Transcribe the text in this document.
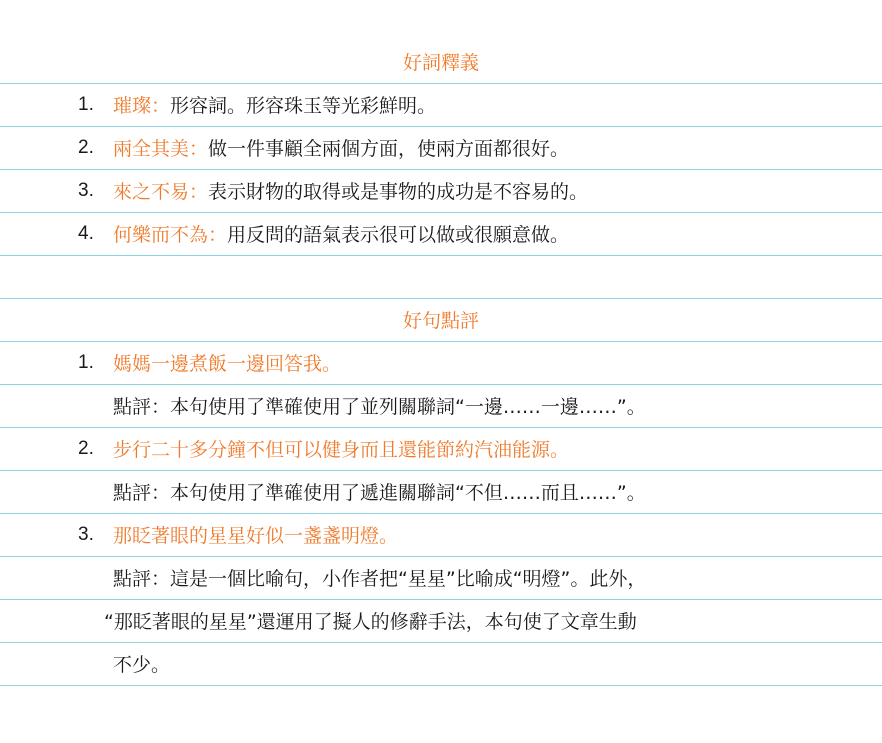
好詞釋義
1. 璀璨：形容詞。形容珠玉等光彩鮮明。
2. 兩全其美：做一件事顧全兩個方面，使兩方面都很好。
3. 來之不易：表示財物的取得或是事物的成功是不容易的。
4. 何樂而不為：用反問的語氣表示很可以做或很願意做。
好句點評
1. 媽媽一邊煮飯一邊回答我。
點評：本句使用了準確使用了並列關聯詞“一邊……一邊……”。
2. 步行二十多分鐘不但可以健身而且還能節約汽油能源。
點評：本句使用了準確使用了遞進關聯詞“不但……而且……”。
3. 那眨著眼的星星好似一盞盞明燈。
點評：這是一個比喻句，小作者把“星星”比喻成“明燈”。此外，
“那眨著眼的星星”還運用了擬人的修辭手法，本句使了文章生動
不少。
